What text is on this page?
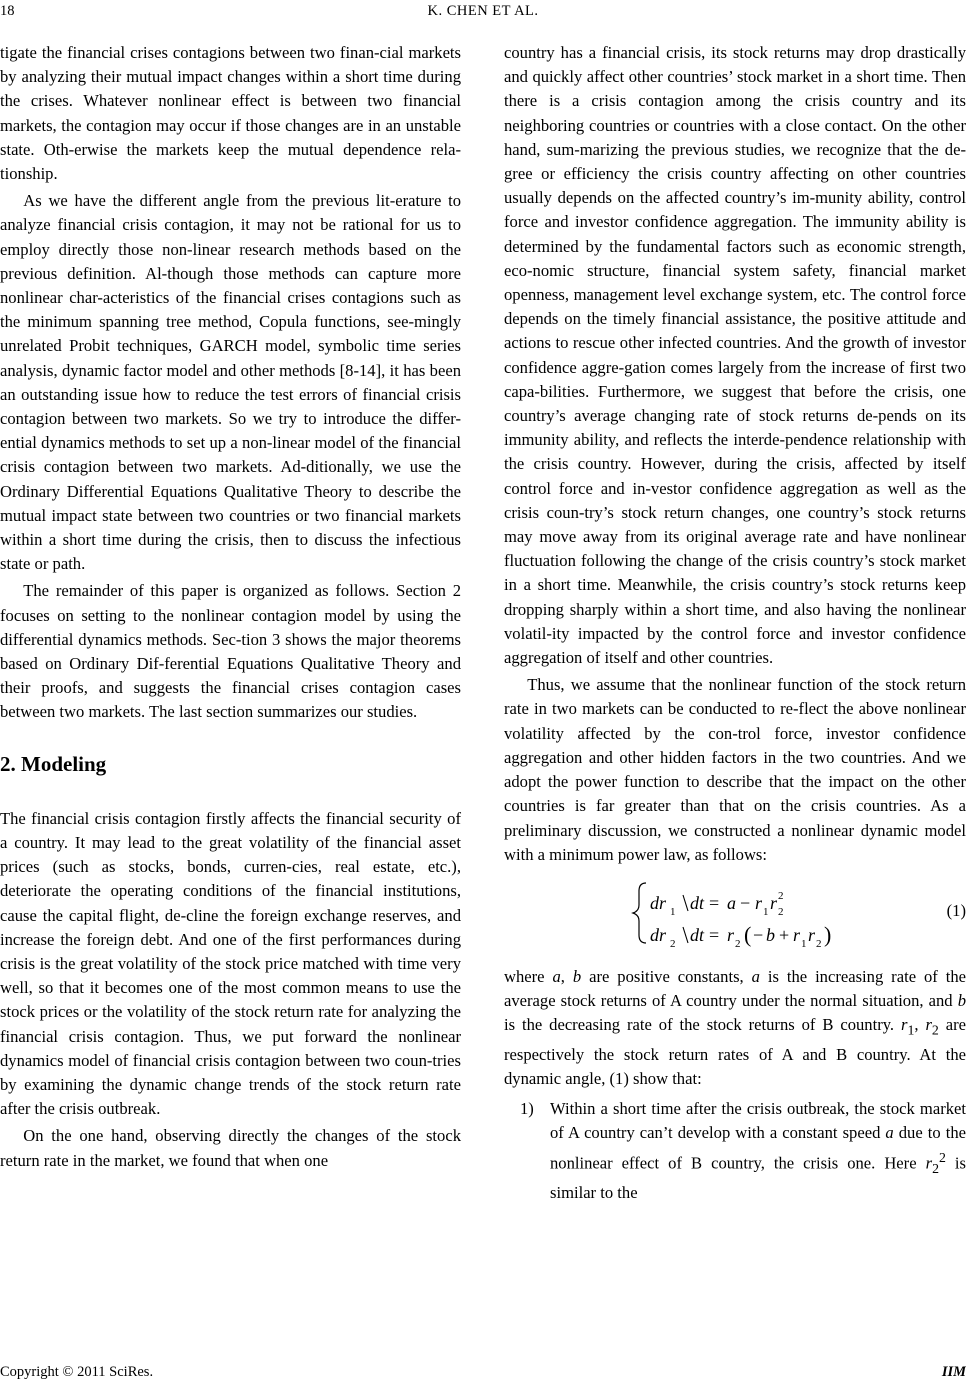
18	K. CHEN ET AL.

tigate the financial crises contagions between two finan-cial markets by analyzing their mutual impact changes within a short time during the crises. Whatever nonlinear effect is between two financial markets, the contagion may occur if those changes are in an unstable state. Oth-erwise the markets keep the mutual dependence rela-tionship.

As we have the different angle from the previous lit-erature to analyze financial crisis contagion, it may not be rational for us to employ directly those non-linear research methods based on the previous definition. Al-though those methods can capture more nonlinear char-acteristics of the financial crises contagions such as the minimum spanning tree method, Copula functions, see-mingly unrelated Probit techniques, GARCH model, symbolic time series analysis, dynamic factor model and other methods [8-14], it has been an outstanding issue how to reduce the test errors of financial crisis contagion between two markets. So we try to introduce the differ-ential dynamics methods to set up a non-linear model of the financial crisis contagion between two markets. Ad-ditionally, we use the Ordinary Differential Equations Qualitative Theory to describe the mutual impact state between two countries or two financial markets within a short time during the crisis, then to discuss the infectious state or path.

The remainder of this paper is organized as follows. Section 2 focuses on setting to the nonlinear contagion model by using the differential dynamics methods. Sec-tion 3 shows the major theorems based on Ordinary Dif-ferential Equations Qualitative Theory and their proofs, and suggests the financial crises contagion cases between two markets. The last section summarizes our studies.

2. Modeling

The financial crisis contagion firstly affects the financial security of a country. It may lead to the great volatility of the financial asset prices (such as stocks, bonds, curren-cies, real estate, etc.), deteriorate the operating conditions of the financial institutions, cause the capital flight, de-cline the foreign exchange reserves, and increase the foreign debt. And one of the first performances during crisis is the great volatility of the stock price matched with time very well, so that it becomes one of the most common means to use the stock prices or the volatility of the stock return rate for analyzing the financial crisis contagion. Thus, we put forward the nonlinear dynamics model of financial crisis contagion between two coun-tries by examining the dynamic change trends of the stock return rate after the crisis outbreak.

On the one hand, observing directly the changes of the stock return rate in the market, we found that when one

country has a financial crisis, its stock returns may drop drastically and quickly affect other countries’ stock market in a short time. Then there is a crisis contagion among the crisis country and its neighboring countries or countries with a close contact. On the other hand, sum-marizing the previous studies, we recognize that the de-gree or efficiency the crisis country affecting on other countries usually depends on the affected country’s im-munity ability, control force and investor confidence aggregation. The immunity ability is determined by the fundamental factors such as economic strength, eco-nomic structure, financial system safety, financial market openness, management level exchange system, etc. The control force depends on the timely financial assistance, the positive attitude and actions to rescue other infected countries. And the growth of investor confidence aggre-gation comes largely from the increase of first two capa-bilities. Furthermore, we suggest that before the crisis, one country’s average changing rate of stock returns de-pends on its immunity ability, and reflects the interde-pendence relationship with the crisis country. However, during the crisis, affected by itself control force and in-vestor confidence aggregation as well as the crisis coun-try’s stock return changes, one country’s stock returns may move away from its original average rate and have nonlinear fluctuation following the change of the crisis country’s stock market in a short time. Meanwhile, the crisis country’s stock returns keep dropping sharply within a short time, and also having the nonlinear volatil-ity impacted by the control force and investor confidence aggregation of itself and other countries.

Thus, we assume that the nonlinear function of the stock return rate in two markets can be conducted to re-flect the above nonlinear volatility affected by the con-trol force, investor confidence aggregation and other hidden factors in the two countries. And we adopt the power function to describe that the impact on the other countries is far greater than that on the crisis countries. As a preliminary discussion, we constructed a nonlinear dynamic model with a minimum power law, as follows:

dr 1 dt = a − r 1 r 2
2
dr 2 dt = r 2 ( − b + r 1 r 2 )
(1)

where a, b are positive constants, a is the increasing rate of the average stock returns of A country under the normal situation, and b is the decreasing rate of the stock returns of B country. $r_1$, $r_2$ are respectively the stock return rates of A and B country. At the dynamic angle, (1) show that:

1) Within a short time after the crisis outbreak, the stock market of A country can’t develop with a constant speed a due to the nonlinear effect of B country, the crisis one. Here $r_2^2$ is similar to the
Copyright © 2011 SciRes.	IIM
